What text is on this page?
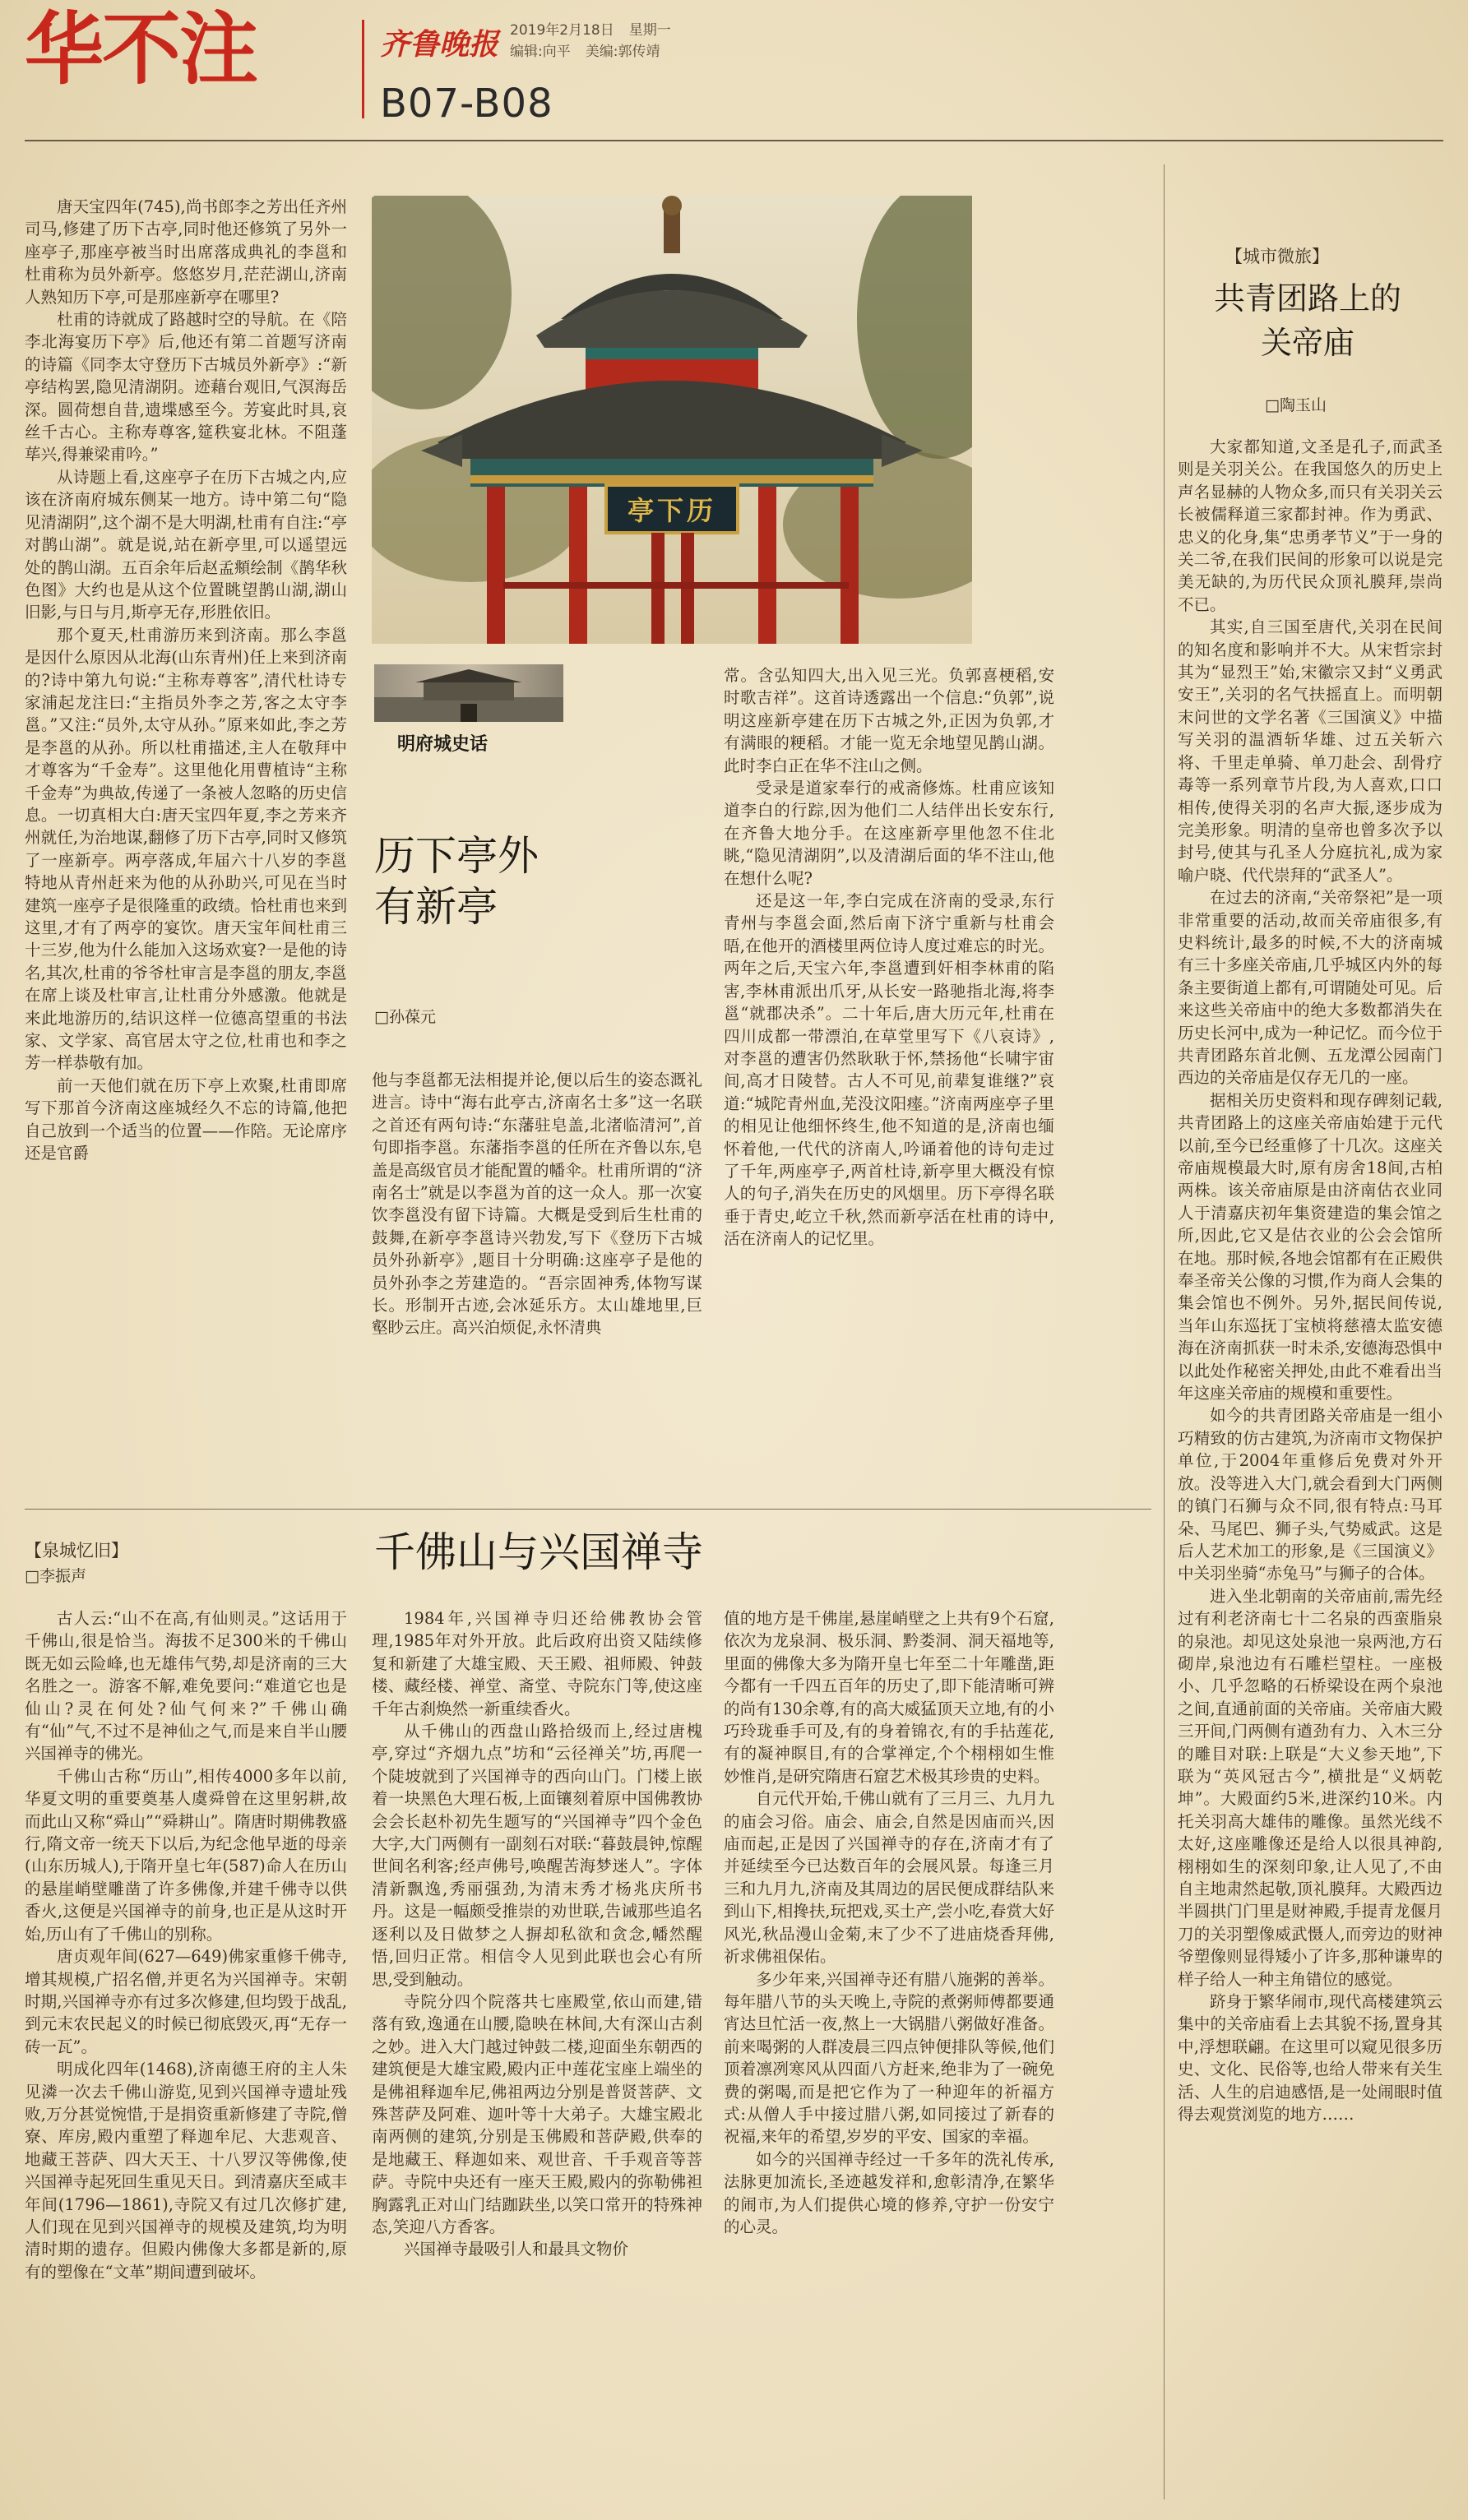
华不注	齐鲁晚报 2019年2月18日 星期一
编辑:向平 美编:郭传靖
B07-B08

唐天宝四年(745),尚书郎李之芳出任齐州司马,修建了历下古亭,同时他还修筑了另外一座亭子,那座亭被当时出席落成典礼的李邕和杜甫称为员外新亭。悠悠岁月,茫茫湖山,济南人熟知历下亭,可是那座新亭在哪里?

杜甫的诗就成了路越时空的导航。在《陪李北海宴历下亭》后,他还有第二首题写济南的诗篇《同李太守登历下古城员外新亭》:“新亭结构罢,隐见清湖阴。迹藉台观旧,气溟海岳深。圆荷想自昔,遗堞感至今。芳宴此时具,哀丝千古心。主称寿尊客,筵秩宴北林。不阻蓬荜兴,得兼梁甫吟。”

从诗题上看,这座亭子在历下古城之内,应该在济南府城东侧某一地方。诗中第二句“隐见清湖阴”,这个湖不是大明湖,杜甫有自注:“亭对鹊山湖”。就是说,站在新亭里,可以遥望远处的鹊山湖。五百余年后赵孟頫绘制《鹊华秋色图》大约也是从这个位置眺望鹊山湖,湖山旧影,与日与月,斯亭无存,形胜依旧。

那个夏天,杜甫游历来到济南。那么李邕是因什么原因从北海(山东青州)任上来到济南的?诗中第九句说:“主称寿尊客”,清代杜诗专家浦起龙注曰:“主指员外李之芳,客之太守李邕。”又注:“员外,太守从孙。”原来如此,李之芳是李邕的从孙。所以杜甫描述,主人在敬拜中才尊客为“千金寿”。这里他化用曹植诗“主称千金寿”为典故,传递了一条被人忽略的历史信息。一切真相大白:唐天宝四年夏,李之芳来齐州就任,为治地谋,翻修了历下古亭,同时又修筑了一座新亭。两亭落成,年届六十八岁的李邕特地从青州赶来为他的从孙助兴,可见在当时建筑一座亭子是很隆重的政绩。恰杜甫也来到这里,才有了两亭的宴饮。唐天宝年间杜甫三十三岁,他为什么能加入这场欢宴?一是他的诗名,其次,杜甫的爷爷杜审言是李邕的朋友,李邕在席上谈及杜审言,让杜甫分外感激。他就是来此地游历的,结识这样一位德高望重的书法家、文学家、高官居太守之位,杜甫也和李之芳一样恭敬有加。

前一天他们就在历下亭上欢聚,杜甫即席写下那首今济南这座城经久不忘的诗篇,他把自己放到一个适当的位置——作陪。无论席序还是官爵

亭下历
明府城史话
历下亭外
有新亭
□孙葆元

他与李邕都无法相提并论,便以后生的姿态溉礼进言。诗中“海右此亭古,济南名士多”这一名联之首还有两句诗:“东藩驻皂盖,北渚临清河”,首句即指李邕。东藩指李邕的任所在齐鲁以东,皂盖是高级官员才能配置的幡伞。杜甫所谓的“济南名士”就是以李邕为首的这一众人。那一次宴饮李邕没有留下诗篇。大概是受到后生杜甫的鼓舞,在新亭李邕诗兴勃发,写下《登历下古城员外孙新亭》,题目十分明确:这座亭子是他的员外孙李之芳建造的。“吾宗固神秀,体物写谋长。形制开古迹,会冰延乐方。太山雄地里,巨壑眇云庄。高兴泊烦促,永怀清典

常。含弘知四大,出入见三光。负郭喜梗稻,安时歌吉祥”。这首诗透露出一个信息:“负郭”,说明这座新亭建在历下古城之外,正因为负郭,才有满眼的粳稻。才能一览无余地望见鹊山湖。此时李白正在华不注山之侧。

受录是道家奉行的戒斋修炼。杜甫应该知道李白的行踪,因为他们二人结伴出长安东行,在齐鲁大地分手。在这座新亭里他忽不住北眺,“隐见清湖阴”,以及清湖后面的华不注山,他在想什么呢?

还是这一年,李白完成在济南的受录,东行青州与李邕会面,然后南下济宁重新与杜甫会晤,在他开的酒楼里两位诗人度过难忘的时光。两年之后,天宝六年,李邕遭到奸相李林甫的陷害,李林甫派出爪牙,从长安一路驰指北海,将李邕“就郡决杀”。二十年后,唐大历元年,杜甫在四川成都一带漂泊,在草堂里写下《八哀诗》,对李邕的遭害仍然耿耿于怀,禁扬他“长啸宇宙间,高才日陵替。古人不可见,前辈复谁继?”哀道:“城陀青州血,芜没汶阳瘗。”济南两座亭子里的相见让他细怀终生,他不知道的是,济南也缅怀着他,一代代的济南人,吟诵着他的诗句走过了千年,两座亭子,两首杜诗,新亭里大概没有惊人的句子,消失在历史的风烟里。历下亭得名联垂于青史,屹立千秋,然而新亭活在杜甫的诗中,活在济南人的记忆里。

【城市微旅】
共青团路上的
关帝庙
□陶玉山

大家都知道,文圣是孔子,而武圣则是关羽关公。在我国悠久的历史上声名显赫的人物众多,而只有关羽关云长被儒释道三家都封神。作为勇武、忠义的化身,集“忠勇孝节义”于一身的关二爷,在我们民间的形象可以说是完美无缺的,为历代民众顶礼膜拜,崇尚不已。

其实,自三国至唐代,关羽在民间的知名度和影响并不大。从宋哲宗封其为“显烈王”始,宋徽宗又封“义勇武安王”,关羽的名气扶摇直上。而明朝末问世的文学名著《三国演义》中描写关羽的温酒斩华雄、过五关斩六将、千里走单骑、单刀赴会、刮骨疗毒等一系列章节片段,为人喜欢,口口相传,使得关羽的名声大振,逐步成为完美形象。明清的皇帝也曾多次予以封号,使其与孔圣人分庭抗礼,成为家喻户晓、代代崇拜的“武圣人”。

在过去的济南,“关帝祭祀”是一项非常重要的活动,故而关帝庙很多,有史料统计,最多的时候,不大的济南城有三十多座关帝庙,几乎城区内外的每条主要街道上都有,可谓随处可见。后来这些关帝庙中的绝大多数都消失在历史长河中,成为一种记忆。而今位于共青团路东首北侧、五龙潭公园南门西边的关帝庙是仅存无几的一座。

据相关历史资料和现存碑刻记载,共青团路上的这座关帝庙始建于元代以前,至今已经重修了十几次。这座关帝庙规模最大时,原有房舍18间,古柏两株。该关帝庙原是由济南估衣业同人于清嘉庆初年集资建造的集会馆之所,因此,它又是估衣业的公会会馆所在地。那时候,各地会馆都有在正殿供奉圣帝关公像的习惯,作为商人会集的集会馆也不例外。另外,据民间传说,当年山东巡抚丁宝桢将慈禧太监安德海在济南抓获一时未杀,安德海恐惧中以此处作秘密关押处,由此不难看出当年这座关帝庙的规模和重要性。

如今的共青团路关帝庙是一组小巧精致的仿古建筑,为济南市文物保护单位,于2004年重修后免费对外开放。没等进入大门,就会看到大门两侧的镇门石狮与众不同,很有特点:马耳朵、马尾巴、狮子头,气势威武。这是后人艺术加工的形象,是《三国演义》中关羽坐骑“赤兔马”与狮子的合体。

进入坐北朝南的关帝庙前,需先经过有利老济南七十二名泉的西蛮脂泉的泉池。却见这处泉池一泉两池,方石砌岸,泉池边有石雕栏望柱。一座极小、几乎忽略的石桥梁设在两个泉池之间,直通前面的关帝庙。关帝庙大殿三开间,门两侧有遒劲有力、入木三分的雕目对联:上联是“大义参天地”,下联为“英风冠古今”,横批是“义炳乾坤”。大殿面约5米,进深约10米。内托关羽高大雄伟的雕像。虽然光线不太好,这座雕像还是给人以很具神韵,栩栩如生的深刻印象,让人见了,不由自主地肃然起敬,顶礼膜拜。大殿西边半圆拱门门里是财神殿,手提青龙偃月刀的关羽塑像威武慑人,而旁边的财神爷塑像则显得矮小了许多,那种谦卑的样子给人一种主角错位的感觉。

跻身于繁华闹市,现代高楼建筑云集中的关帝庙看上去其貌不扬,置身其中,浮想联翩。在这里可以窥见很多历史、文化、民俗等,也给人带来有关生活、人生的启迪感悟,是一处闹眼时值得去观赏浏览的地方……

【泉城忆旧】
□李振声	千佛山与兴国禅寺

古人云:“山不在高,有仙则灵。”这话用于千佛山,很是恰当。海拔不足300米的千佛山既无如云险峰,也无雄伟气势,却是济南的三大名胜之一。游客不解,难免要问:“难道它也是仙山?灵在何处?仙气何来?”千佛山确有“仙”气,不过不是神仙之气,而是来自半山腰兴国禅寺的佛光。

千佛山古称“历山”,相传4000多年以前,华夏文明的重要奠基人虞舜曾在这里躬耕,故而此山又称“舜山”“舜耕山”。隋唐时期佛教盛行,隋文帝一统天下以后,为纪念他早逝的母亲(山东历城人),于隋开皇七年(587)命人在历山的悬崖峭壁雕凿了许多佛像,并建千佛寺以供香火,这便是兴国禅寺的前身,也正是从这时开始,历山有了千佛山的别称。

唐贞观年间(627—649)佛家重修千佛寺,增其规模,广招名僧,并更名为兴国禅寺。宋朝时期,兴国禅寺亦有过多次修建,但均毁于战乱,到元末农民起义的时候已彻底毁灭,再“无存一砖一瓦”。

明成化四年(1468),济南德王府的主人朱见潾一次去千佛山游览,见到兴国禅寺遗址残败,万分甚觉惋惜,于是捐资重新修建了寺院,僧寮、库房,殿内重塑了释迦牟尼、大悲观音、地藏王菩萨、四大天王、十八罗汉等佛像,使兴国禅寺起死回生重见天日。到清嘉庆至咸丰年间(1796—1861),寺院又有过几次修扩建,人们现在见到兴国禅寺的规模及建筑,均为明清时期的遗存。但殿内佛像大多都是新的,原有的塑像在“文革”期间遭到破坏。

1984年,兴国禅寺归还给佛教协会管理,1985年对外开放。此后政府出资又陆续修复和新建了大雄宝殿、天王殿、祖师殿、钟鼓楼、藏经楼、禅堂、斋堂、寺院东门等,使这座千年古刹焕然一新重续香火。

从千佛山的西盘山路拾级而上,经过唐槐亭,穿过“齐烟九点”坊和“云径禅关”坊,再爬一个陡坡就到了兴国禅寺的西向山门。门楼上嵌着一块黑色大理石板,上面镶刻着原中国佛教协会会长赵朴初先生题写的“兴国禅寺”四个金色大字,大门两侧有一副刻石对联:“暮鼓晨钟,惊醒世间名利客;经声佛号,唤醒苦海梦迷人”。字体清新飘逸,秀丽强劲,为清末秀才杨兆庆所书丹。这是一幅颇受推崇的劝世联,告诫那些追名逐利以及日做梦之人摒却私欲和贪念,幡然醒悟,回归正常。相信令人见到此联也会心有所思,受到触动。

寺院分四个院落共七座殿堂,依山而建,错落有致,逸通在山腰,隐映在林间,大有深山古刹之妙。进入大门越过钟鼓二楼,迎面坐东朝西的建筑便是大雄宝殿,殿内正中莲花宝座上端坐的是佛祖释迦牟尼,佛祖两边分别是普贤菩萨、文殊菩萨及阿难、迦叶等十大弟子。大雄宝殿北南两侧的建筑,分别是玉佛殿和菩萨殿,供奉的是地藏王、释迦如来、观世音、千手观音等菩萨。寺院中央还有一座天王殿,殿内的弥勒佛袒胸露乳正对山门结跏趺坐,以笑口常开的特殊神态,笑迎八方香客。

兴国禅寺最吸引人和最具文物价

值的地方是千佛崖,悬崖峭壁之上共有9个石窟,依次为龙泉洞、极乐洞、黔娄洞、洞天福地等,里面的佛像大多为隋开皇七年至二十年雕凿,距今都有一千四五百年的历史了,即下能清晰可辨的尚有130余尊,有的高大威猛顶天立地,有的小巧玲珑垂手可及,有的身着锦衣,有的手拈莲花,有的凝神瞑目,有的合掌禅定,个个栩栩如生惟妙惟肖,是研究隋唐石窟艺术极其珍贵的史料。

自元代开始,千佛山就有了三月三、九月九的庙会习俗。庙会、庙会,自然是因庙而兴,因庙而起,正是因了兴国禅寺的存在,济南才有了并延续至今已达数百年的会展风景。每逢三月三和九月九,济南及其周边的居民便成群结队来到山下,相搀扶,玩把戏,买土产,尝小吃,春赏大好风光,秋品漫山金菊,末了少不了进庙烧香拜佛,祈求佛祖保佑。

多少年来,兴国禅寺还有腊八施粥的善举。每年腊八节的头天晚上,寺院的煮粥师傅都要通宵达旦忙活一夜,熬上一大锅腊八粥做好准备。前来喝粥的人群凌晨三四点钟便排队等候,他们顶着凛冽寒风从四面八方赶来,绝非为了一碗免费的粥喝,而是把它作为了一种迎年的祈福方式:从僧人手中接过腊八粥,如同接过了新春的祝福,来年的希望,岁岁的平安、国家的幸福。

如今的兴国禅寺经过一千多年的洗礼传承,法脉更加流长,圣迹越发祥和,愈彰清净,在繁华的闹市,为人们提供心境的修养,守护一份安宁的心灵。
